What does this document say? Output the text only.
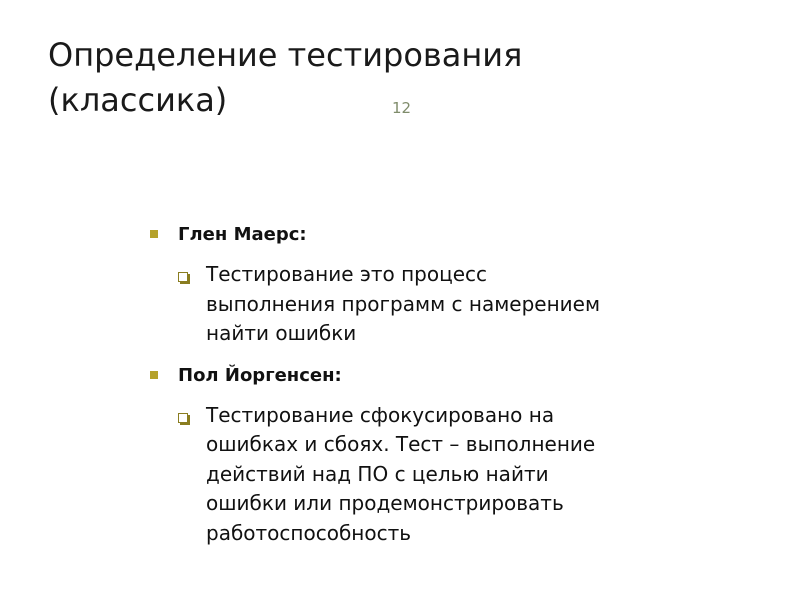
Определение тестирования
(классика)	12
Глен Маерс:
Тестирование это процесс
выполнения программ с намерением
найти ошибки
Пол Йоргенсен:
Тестирование сфокусировано на
ошибках и сбоях. Тест – выполнение
действий над ПО с целью найти
ошибки или продемонстрировать
работоспособность
